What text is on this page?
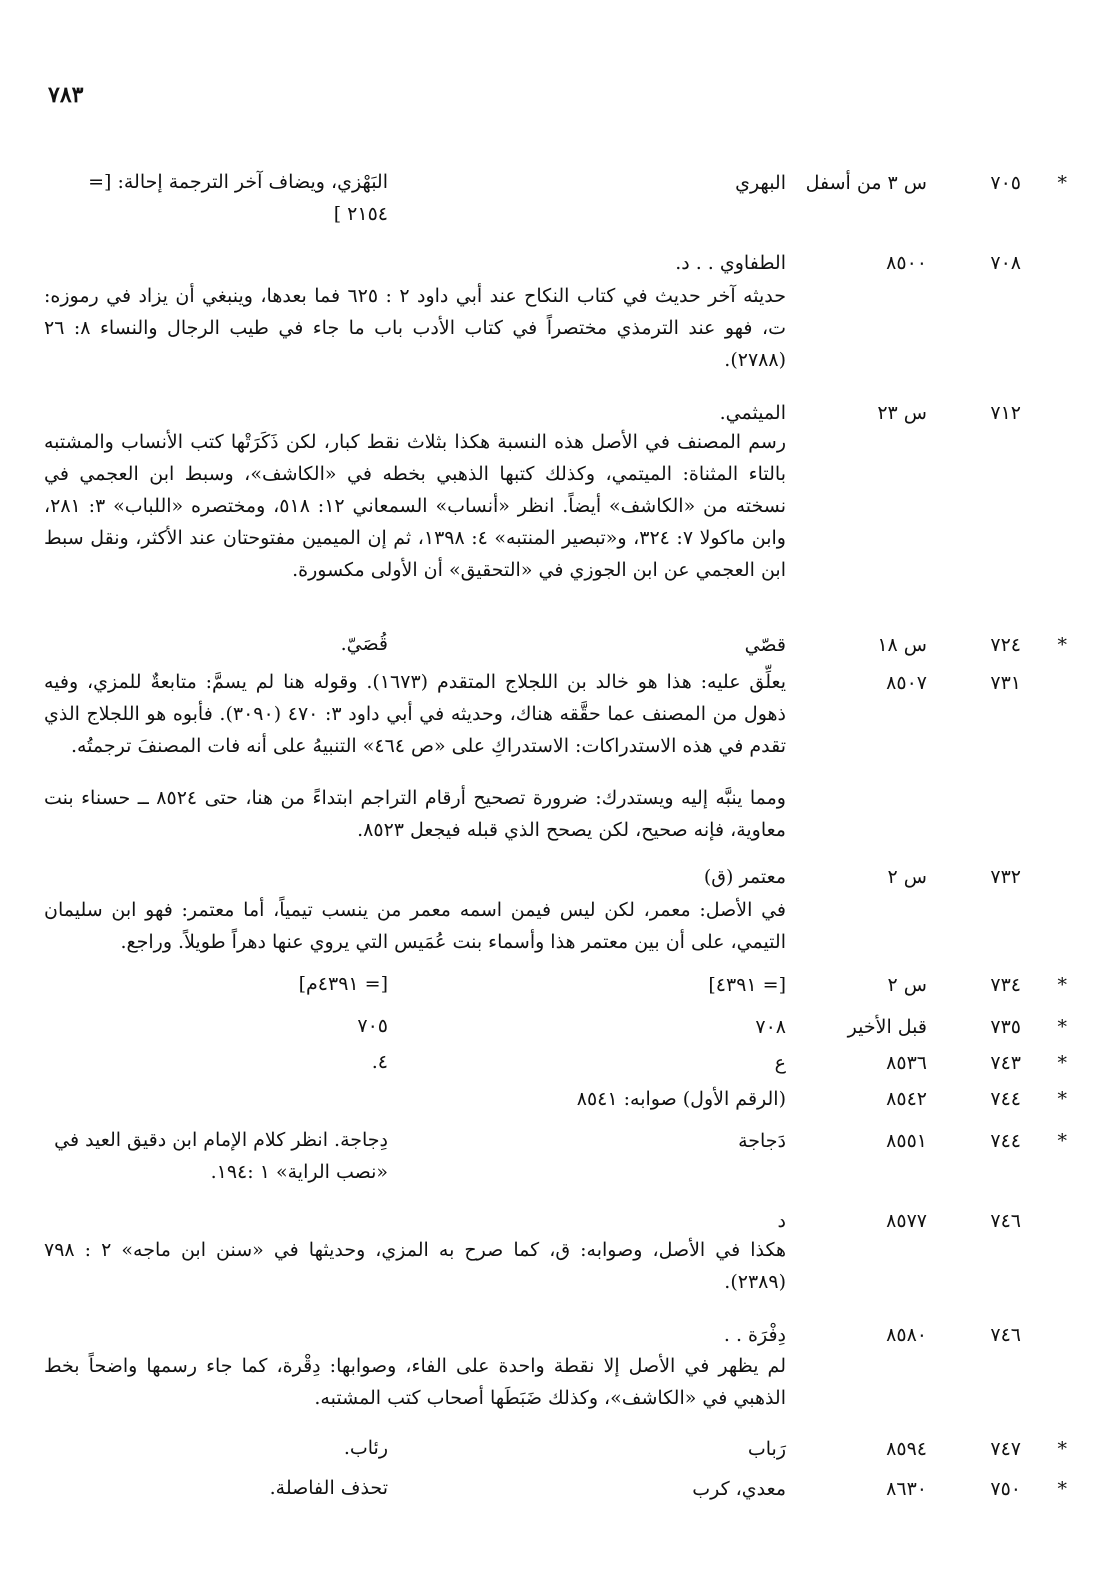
٧٨٣
*
٧٠٥
س ٣ من أسفل
البهري
البَهْزي، ويضاف آخر الترجمة إحالة: [= ٢١٥٤ ]
٧٠٨
٨٥٠٠
الطفاوي . . د.
حديثه آخر حديث في كتاب النكاح عند أبي داود ٢ : ٦٢٥ فما بعدها، وينبغي أن يزاد في رموزه: ت، فهو عند الترمذي مختصراً في كتاب الأدب باب ما جاء في طيب الرجال والنساء ٨: ٢٦ (٢٧٨٨).
٧١٢
س ٢٣
الميثمي.
رسم المصنف في الأصل هذه النسبة هكذا بثلاث نقط كبار، لكن ذَكَرَتْها كتب الأنساب والمشتبه بالتاء المثناة: الميتمي، وكذلك كتبها الذهبي بخطه في «الكاشف»، وسبط ابن العجمي في نسخته من «الكاشف» أيضاً. انظر «أنساب» السمعاني ١٢: ٥١٨، ومختصره «اللباب» ٣: ٢٨١، وابن ماكولا ٧: ٣٢٤، و«تبصير المنتبه» ٤: ١٣٩٨، ثم إن الميمين مفتوحتان عند الأكثر، ونقل سبط ابن العجمي عن ابن الجوزي في «التحقيق» أن الأولى مكسورة.
*
٧٢٤
س ١٨
قصّي
قُصَيّ.
٧٣١
٨٥٠٧
يعلِّق عليه: هذا هو خالد بن اللجلاج المتقدم (١٦٧٣). وقوله هنا لم يسمَّ: متابعةٌ للمزي، وفيه ذهول من المصنف عما حقَّقه هناك، وحديثه في أبي داود ٣: ٤٧٠ (٣٠٩٠). فأبوه هو اللجلاج الذي تقدم في هذه الاستدراكات: الاستدراكِ على «ص ٤٦٤» التنبيهُ على أنه فات المصنفَ ترجمتُه.
ومما ينبَّه إليه ويستدرك: ضرورة تصحيح أرقام التراجم ابتداءً من هنا، حتى ٨٥٢٤ ــ حسناء بنت معاوية، فإنه صحيح، لكن يصحح الذي قبله فيجعل ٨٥٢٣.
٧٣٢
س ٢
معتمر (ق)
في الأصل: معمر، لكن ليس فيمن اسمه معمر من ينسب تيمياً، أما معتمر: فهو ابن سليمان التيمي، على أن بين معتمر هذا وأسماء بنت عُمَيس التي يروي عنها دهراً طويلاً. وراجع.
*
٧٣٤
س ٢
[= ٤٣٩١]
[= ٤٣٩١م]
*
٧٣٥
قبل الأخير
٧٠٨
٧٠٥
*
٧٤٣
٨٥٣٦
ع
٤.
*
٧٤٤
٨٥٤٢
(الرقم الأول) صوابه: ٨٥٤١
*
٧٤٤
٨٥٥١
دَجاجة
دِجاجة. انظر كلام الإمام ابن دقيق العيد في «نصب الراية» ١ :١٩٤.
٧٤٦
٨٥٧٧
د
هكذا في الأصل، وصوابه: ق، كما صرح به المزي، وحديثها في «سنن ابن ماجه» ٢ : ٧٩٨ (٢٣٨٩).
٧٤٦
٨٥٨٠
دِفْرَة . .
لم يظهر في الأصل إلا نقطة واحدة على الفاء، وصوابها: دِقْرة، كما جاء رسمها واضحاً بخط الذهبي في «الكاشف»، وكذلك ضَبَطَها أصحاب كتب المشتبه.
*
٧٤٧
٨٥٩٤
رَباب
رئاب.
*
٧٥٠
٨٦٣٠
معدي، كرب
تحذف الفاصلة.
